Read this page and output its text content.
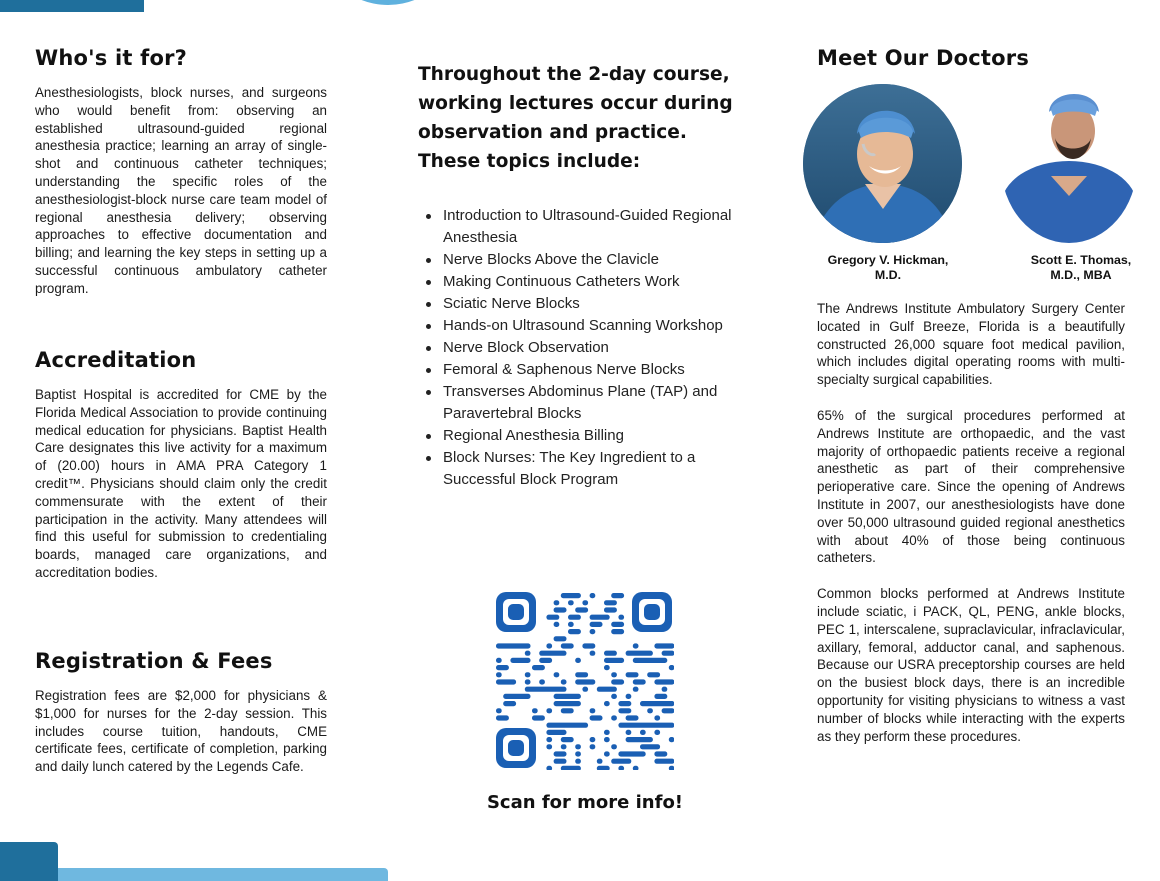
Who's it for?

Anesthesiologists, block nurses, and surgeons who would benefit from: observing an established ultrasound-guided regional anesthesia practice; learning an array of single-shot and continuous catheter techniques; understanding the specific roles of the anesthesiologist-block nurse care team model of regional anesthesia delivery; observing approaches to effective documentation and billing; and learning the key steps in setting up a successful continuous ambulatory catheter program.

Accreditation

Baptist Hospital is accredited for CME by the Florida Medical Association to provide continuing medical education for physicians. Baptist Health Care designates this live activity for a maximum of (20.00) hours in AMA PRA Category 1 credit™. Physicians should claim only the credit commensurate with the extent of their participation in the activity. Many attendees will find this useful for submission to credentialing boards, managed care organizations, and accreditation bodies.

Registration & Fees

Registration fees are $2,000 for physicians & $1,000 for nurses for the 2-day session. This includes course tuition, handouts, CME certificate fees, certificate of completion, parking and daily lunch catered by the Legends Cafe.

Throughout the 2-day course,
working lectures occur during
observation and practice.
These topics include:
Introduction to Ultrasound-Guided Regional Anesthesia
Nerve Blocks Above the Clavicle
Making Continuous Catheters Work
Sciatic Nerve Blocks
Hands-on Ultrasound Scanning Workshop
Nerve Block Observation
Femoral & Saphenous Nerve Blocks
Transverses Abdominus Plane (TAP) and Paravertebral Blocks
Regional Anesthesia Billing
Block Nurses: The Key Ingredient to a Successful Block Program
Scan for more info!
Meet Our Doctors
Gregory V. Hickman,
M.D.
Scott E. Thomas,
M.D., MBA

The Andrews Institute Ambulatory Surgery Center located in Gulf Breeze, Florida is a beautifully constructed 26,000 square foot medical pavilion, which includes digital operating rooms with multi-specialty surgical capabilities.

65% of the surgical procedures performed at Andrews Institute are orthopaedic, and the vast majority of orthopaedic patients receive a regional anesthetic as part of their comprehensive perioperative care. Since the opening of Andrews Institute in 2007, our anesthesiologists have done over 50,000 ultrasound guided regional anesthetics with about 40% of those being continuous catheters.

Common blocks performed at Andrews Institute include sciatic, i PACK, QL, PENG, ankle blocks, PEC 1, interscalene, supraclavicular, infraclavicular, axillary, femoral, adductor canal, and saphenous. Because our USRA preceptorship courses are held on the busiest block days, there is an incredible opportunity for visiting physicians to witness a vast number of blocks while interacting with the experts as they perform these procedures.
